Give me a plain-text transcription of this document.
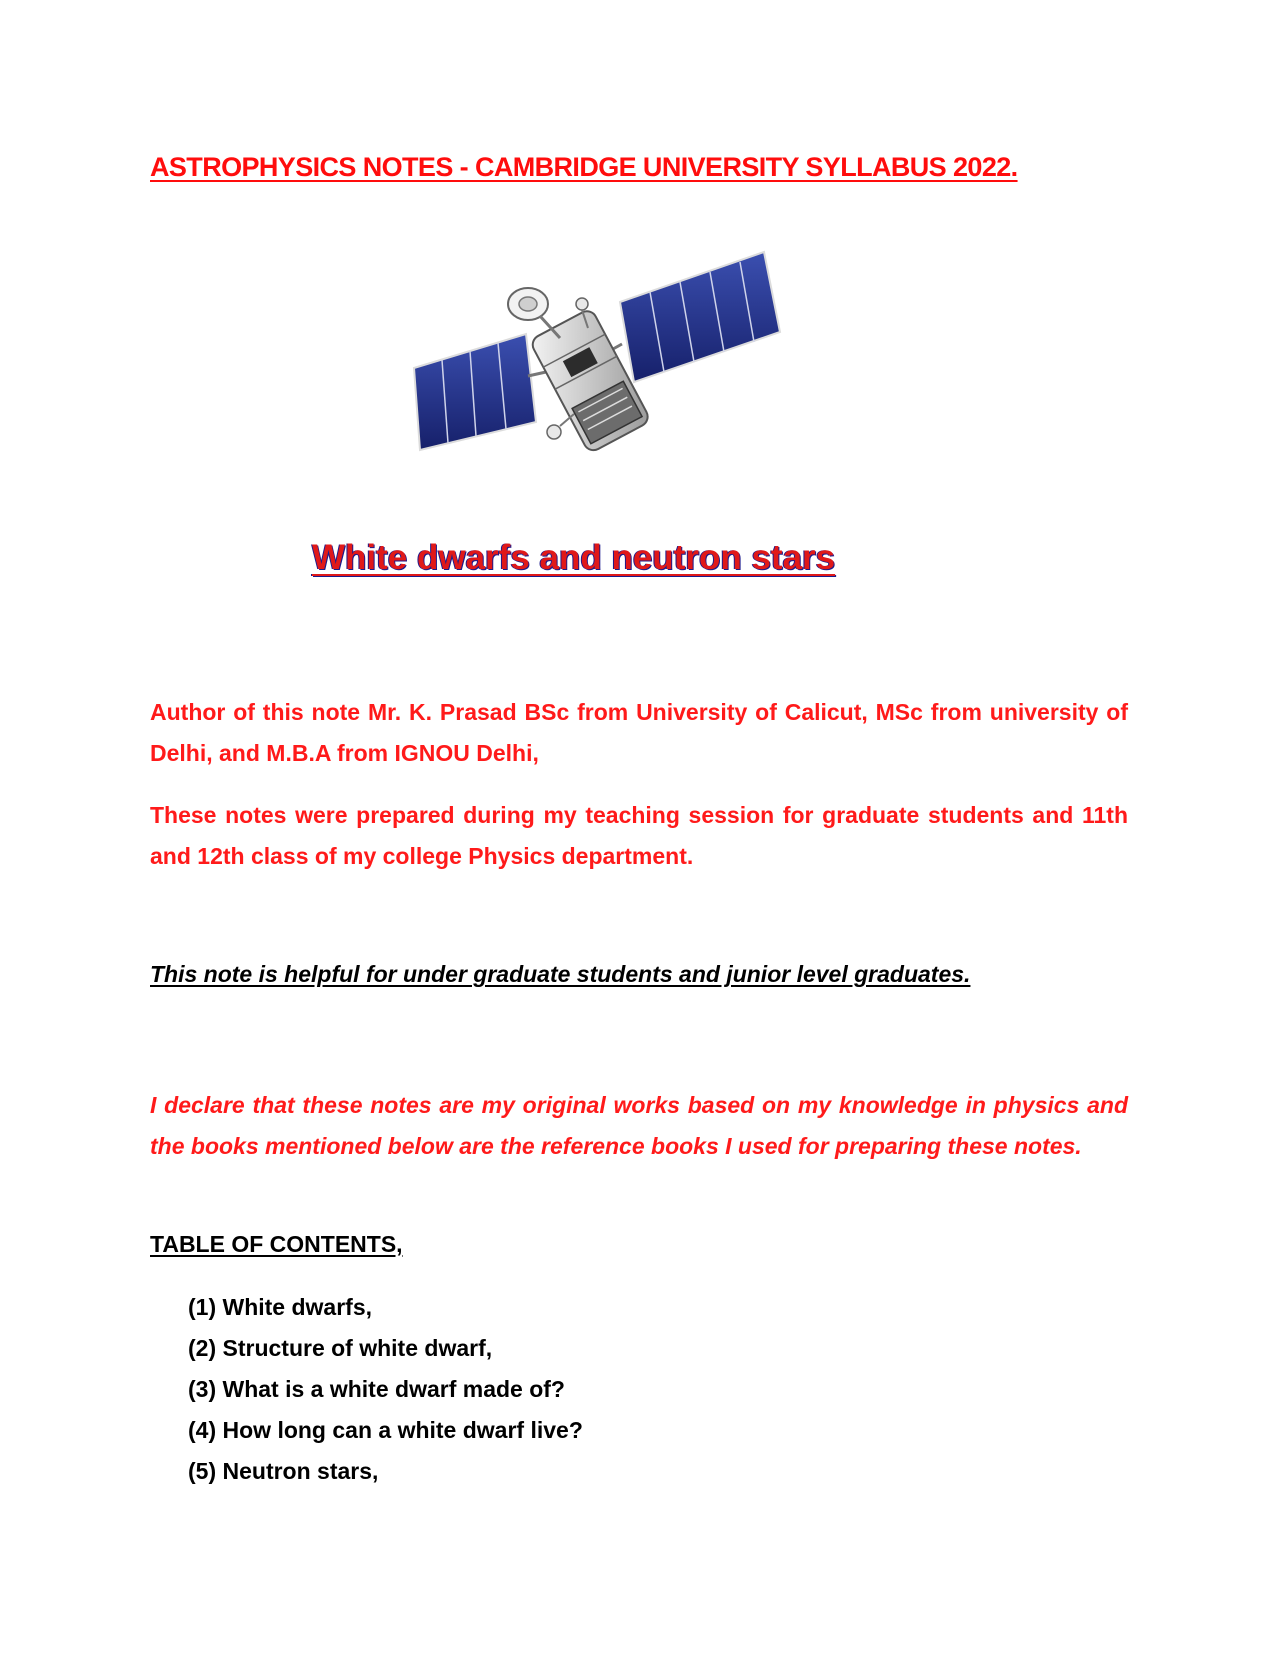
ASTROPHYSICS NOTES - CAMBRIDGE UNIVERSITY SYLLABUS 2022.
White dwarfs and neutron stars
Author of this note Mr. K. Prasad BSc from University of Calicut, MSc from university of Delhi, and M.B.A from IGNOU Delhi,
These notes were prepared during my teaching session for graduate students and 11th and 12th class of my college Physics department.
This note is helpful for under graduate students and junior level graduates.
I declare that these notes are my original works based on my knowledge in physics and the books mentioned below are the reference books I used for preparing these notes.
TABLE OF CONTENTS,
(1) White dwarfs,
(2) Structure of white dwarf,
(3) What is a white dwarf made of?
(4) How long can a white dwarf live?
(5) Neutron stars,
